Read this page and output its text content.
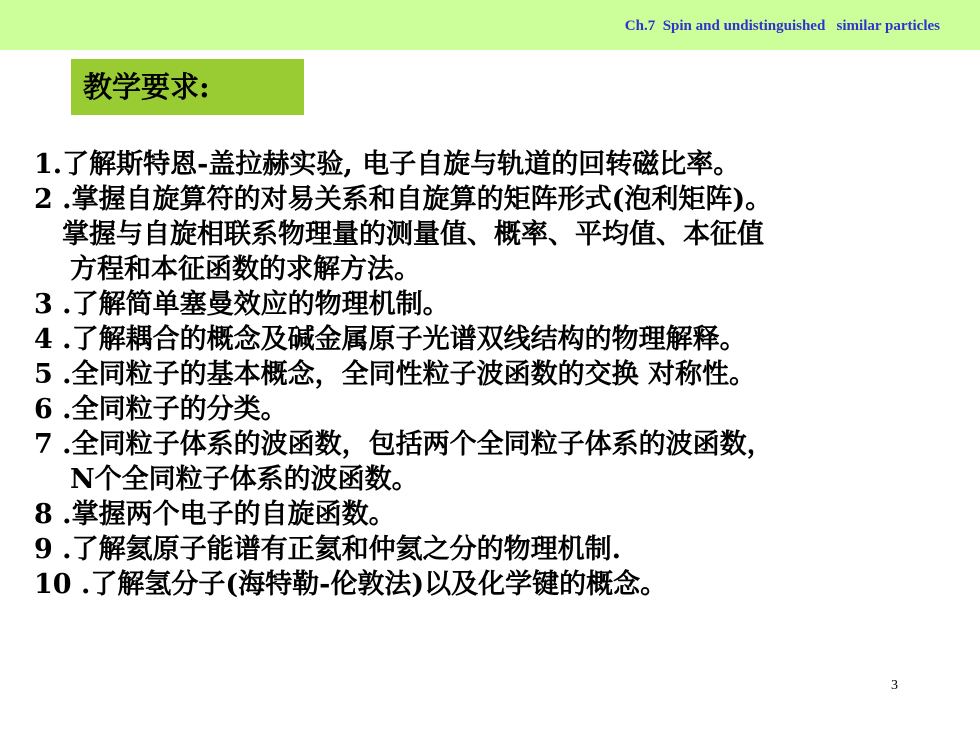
Ch.7  Spin and undistinguished   similar particles
教学要求:
1.了解斯特恩-盖拉赫实验, 电子自旋与轨道的回转磁比率。
2 .掌握自旋算符的对易关系和自旋算的矩阵形式(泡利矩阵)。
掌握与自旋相联系物理量的测量值、概率、平均值、本征值
方程和本征函数的求解方法。
3 .了解简单塞曼效应的物理机制。
4 .了解耦合的概念及碱金属原子光谱双线结构的物理解释。
5 .全同粒子的基本概念，全同性粒子波函数的交换 对称性。
6 .全同粒子的分类。
7 .全同粒子体系的波函数，包括两个全同粒子体系的波函数，
N个全同粒子体系的波函数。
8 .掌握两个电子的自旋函数。
9 .了解氦原子能谱有正氦和仲氦之分的物理机制.
10 .了解氢分子(海特勒-伦敦法)以及化学键的概念。
3
